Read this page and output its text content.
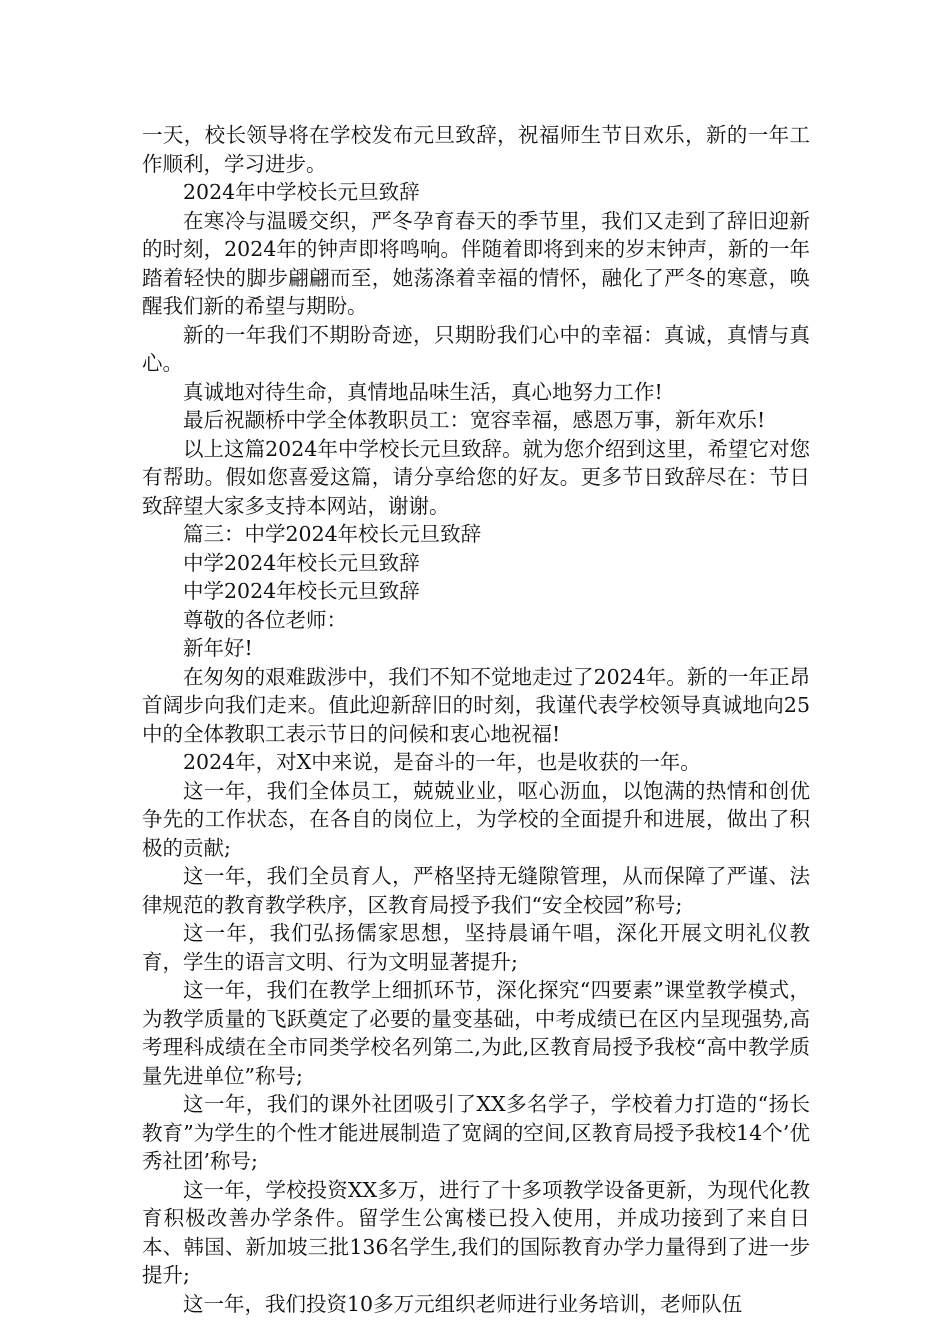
一天，校长领导将在学校发布元旦致辞，祝福师生节日欢乐，新的一年工作顺利，学习进步。

2024年中学校长元旦致辞

在寒冷与温暖交织，严冬孕育春天的季节里，我们又走到了辞旧迎新的时刻，2024年的钟声即将鸣响。伴随着即将到来的岁末钟声，新的一年踏着轻快的脚步翩翩而至，她荡涤着幸福的情怀，融化了严冬的寒意，唤醒我们新的希望与期盼。

新的一年我们不期盼奇迹，只期盼我们心中的幸福：真诚，真情与真心。

真诚地对待生命，真情地品味生活，真心地努力工作!

最后祝颛桥中学全体教职员工：宽容幸福，感恩万事，新年欢乐!

以上这篇2024年中学校长元旦致辞。就为您介绍到这里，希望它对您有帮助。假如您喜爱这篇，请分享给您的好友。更多节日致辞尽在：节日致辞望大家多支持本网站，谢谢。

篇三：中学2024年校长元旦致辞

中学2024年校长元旦致辞

中学2024年校长元旦致辞

尊敬的各位老师：

新年好!

在匆匆的艰难跋涉中，我们不知不觉地走过了2024年。新的一年正昂首阔步向我们走来。值此迎新辞旧的时刻，我谨代表学校领导真诚地向25中的全体教职工表示节日的问候和衷心地祝福!

2024年，对X中来说，是奋斗的一年，也是收获的一年。

这一年，我们全体员工，兢兢业业，呕心沥血，以饱满的热情和创优争先的工作状态，在各自的岗位上，为学校的全面提升和进展，做出了积极的贡献;

这一年，我们全员育人，严格坚持无缝隙管理，从而保障了严谨、法律规范的教育教学秩序，区教育局授予我们“安全校园”称号;

这一年，我们弘扬儒家思想，坚持晨诵午唱，深化开展文明礼仪教育，学生的语言文明、行为文明显著提升;

这一年，我们在教学上细抓环节，深化探究“四要素”课堂教学模式，为教学质量的飞跃奠定了必要的量变基础，中考成绩已在区内呈现强势,高考理科成绩在全市同类学校名列第二,为此,区教育局授予我校“高中教学质量先进单位”称号;

这一年，我们的课外社团吸引了XX多名学子，学校着力打造的“扬长教育”为学生的个性才能进展制造了宽阔的空间,区教育局授予我校14个’优秀社团’称号;

这一年，学校投资XX多万，进行了十多项教学设备更新，为现代化教育积极改善办学条件。留学生公寓楼已投入使用，并成功接到了来自日本、韩国、新加坡三批136名学生,我们的国际教育办学力量得到了进一步提升;

这一年，我们投资10多万元组织老师进行业务培训，老师队伍
